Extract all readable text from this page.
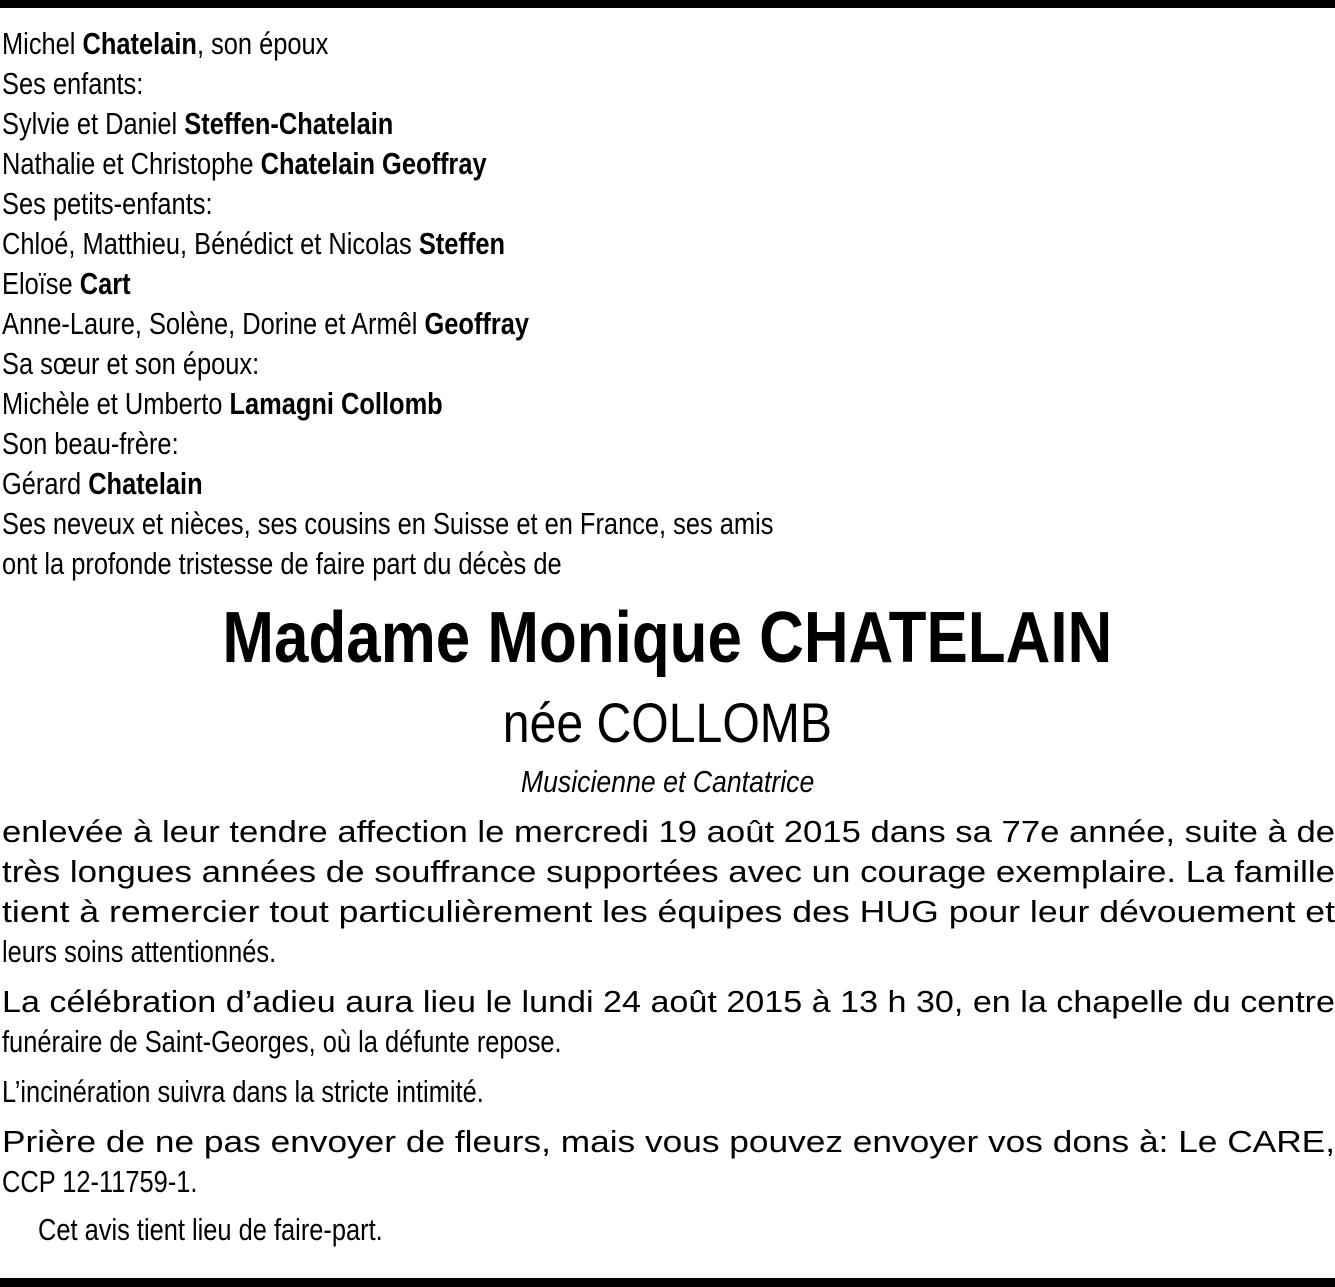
Michel Chatelain, son époux
Ses enfants:
Sylvie et Daniel Steffen-Chatelain
Nathalie et Christophe Chatelain Geoffray
Ses petits-enfants:
Chloé, Matthieu, Bénédict et Nicolas Steffen
Eloïse Cart
Anne-Laure, Solène, Dorine et Armêl Geoffray
Sa sœur et son époux:
Michèle et Umberto Lamagni Collomb
Son beau-frère:
Gérard Chatelain
Ses neveux et nièces, ses cousins en Suisse et en France, ses amis
ont la profonde tristesse de faire part du décès de
Madame Monique CHATELAIN
née COLLOMB
Musicienne et Cantatrice
enlevée à leur tendre affection le mercredi 19 août 2015 dans sa 77e année, suite à de
très longues années de souffrance supportées avec un courage exemplaire. La famille
tient à remercier tout particulièrement les équipes des HUG pour leur dévouement et
leurs soins attentionnés.
La célébration d’adieu aura lieu le lundi 24 août 2015 à 13 h 30, en la chapelle du centre
funéraire de Saint-Georges, où la défunte repose.
L’incinération suivra dans la stricte intimité.
Prière de ne pas envoyer de fleurs, mais vous pouvez envoyer vos dons à: Le CARE,
CCP 12-11759-1.
Cet avis tient lieu de faire-part.
